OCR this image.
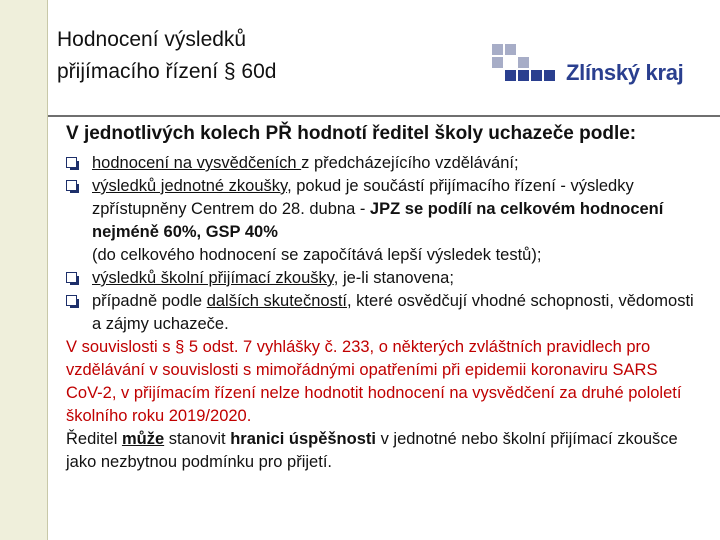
Hodnocení výsledků
přijímacího řízení § 60d	Zlínský kraj

V jednotlivých kolech PŘ hodnotí ředitel školy uchazeče podle:

hodnocení na vysvědčeních z předcházejícího vzdělávání;
výsledků jednotné zkoušky, pokud je součástí přijímacího řízení - výsledky zpřístupněny Centrem do 28. dubna - JPZ se podílí na celkovém hodnocení nejméně 60%, GSP 40%
(do celkového hodnocení se započítává lepší výsledek testů);
výsledků školní přijímací zkoušky, je-li stanovena;
případně podle dalších skutečností, které osvědčují vhodné schopnosti, vědomosti a zájmy uchazeče.

V souvislosti s § 5 odst. 7 vyhlášky č. 233, o některých zvláštních pravidlech pro vzdělávání v souvislosti s mimořádnými opatřeními při epidemii koronaviru SARS CoV-2, v přijímacím řízení nelze hodnotit hodnocení na vysvědčení za druhé pololetí školního roku 2019/2020.

Ředitel může stanovit hranici úspěšnosti v jednotné nebo školní přijímací zkoušce jako nezbytnou podmínku pro přijetí.
